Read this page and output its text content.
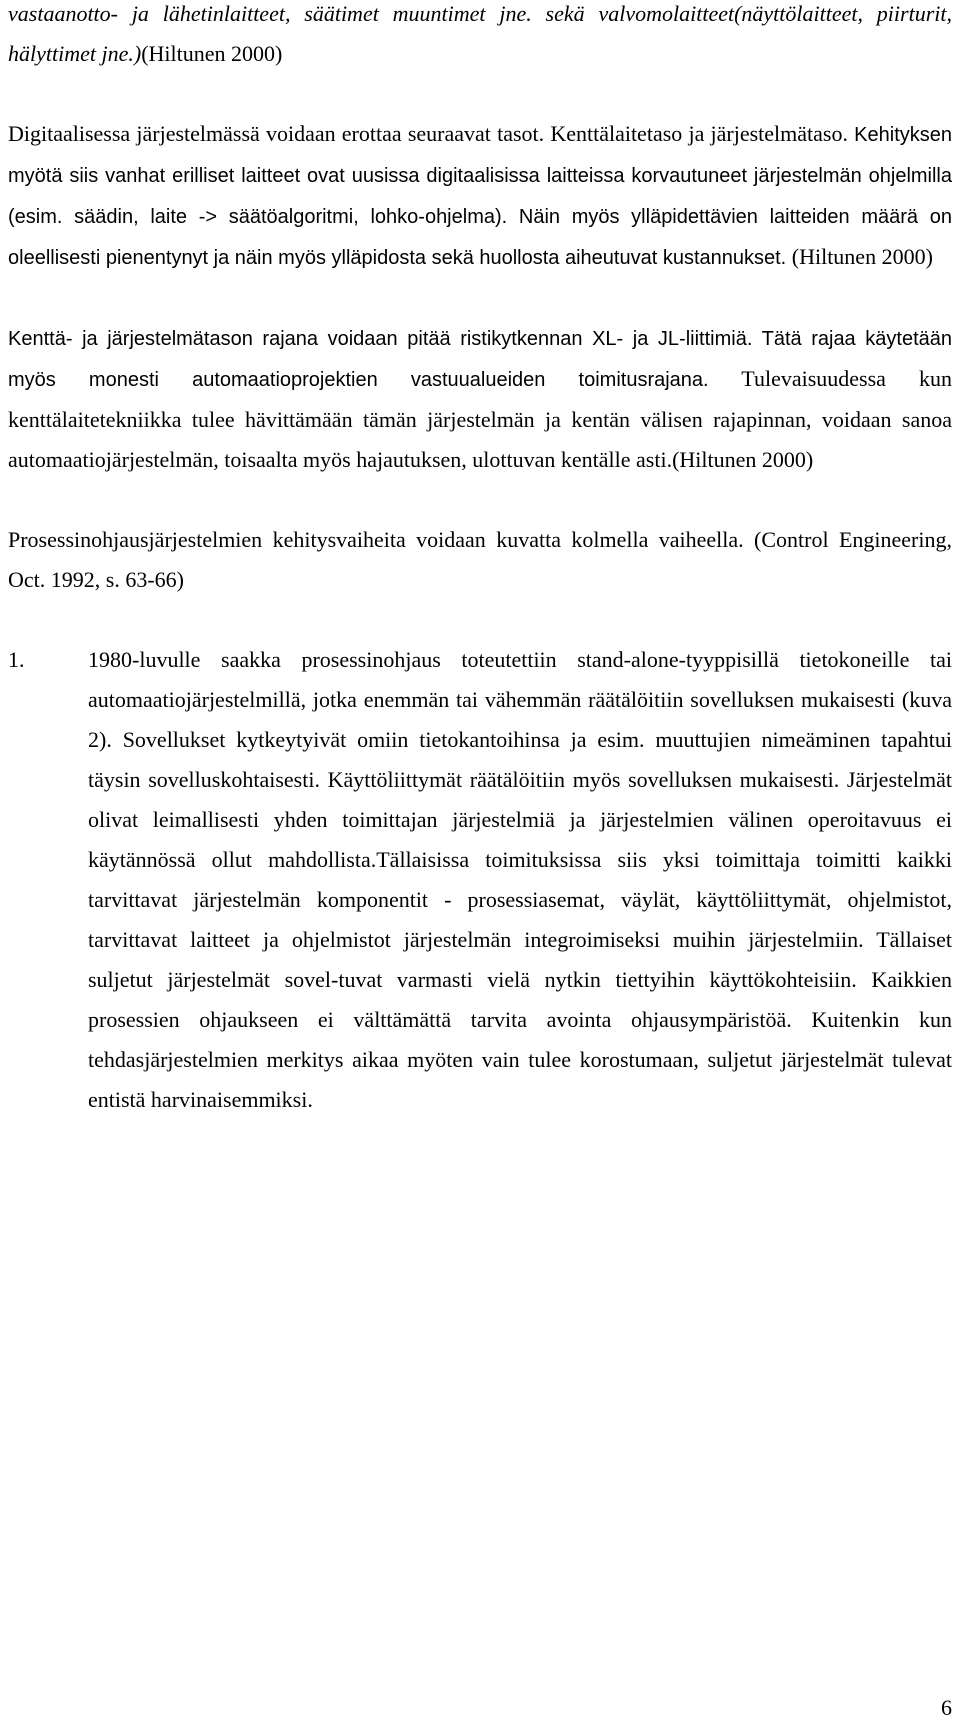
vastaanotto- ja lähetinlaitteet, säätimet muuntimet jne. sekä valvomolaitteet(näyttölaitteet, piirturit, hälyttimet jne.)(Hiltunen 2000)

Digitaalisessa järjestelmässä voidaan erottaa seuraavat tasot. Kenttälaitetaso ja järjestelmätaso. Kehityksen myötä siis vanhat erilliset laitteet ovat uusissa digitaalisissa laitteissa korvautuneet järjestelmän ohjelmilla (esim. säädin, laite -> säätöalgoritmi, lohko-ohjelma). Näin myös ylläpidettävien laitteiden määrä on oleellisesti pienentynyt ja näin myös ylläpidosta sekä huollosta aiheutuvat kustannukset. (Hiltunen 2000)

Kenttä- ja järjestelmätason rajana voidaan pitää ristikytkennan XL- ja JL-liittimiä. Tätä rajaa käytetään myös monesti automaatioprojektien vastuualueiden toimitusrajana. Tulevaisuudessa kun kenttälaitetekniikka tulee hävittämään tämän järjestelmän ja kentän välisen rajapinnan, voidaan sanoa automaatiojärjestelmän, toisaalta myös hajautuksen, ulottuvan kentälle asti.(Hiltunen 2000)

Prosessinohjausjärjestelmien kehitysvaiheita voidaan kuvatta kolmella vaiheella. (Control Engineering, Oct. 1992, s. 63-66)

1.	1980-luvulle saakka prosessinohjaus toteutettiin stand-alone-tyyppisillä tietokoneille tai automaatiojärjestelmillä, jotka enemmän tai vähemmän räätälöitiin sovelluksen mukaisesti (kuva 2). Sovellukset kytkeytyivät omiin tietokantoihinsa ja esim. muuttujien nimeäminen tapahtui täysin sovelluskohtaisesti. Käyttöliittymät räätälöitiin myös sovelluksen mukaisesti. Järjestelmät olivat leimallisesti yhden toimittajan järjestelmiä ja järjestelmien välinen operoitavuus ei käytännössä ollut mahdollista.Tällaisissa toimituksissa siis yksi toimittaja toimitti kaikki tarvittavat järjestelmän komponentit - prosessiasemat, väylät, käyttöliittymät, ohjelmistot, tarvittavat laitteet ja ohjelmistot järjestelmän integroimiseksi muihin järjestelmiin. Tällaiset suljetut järjestelmät sovel-tuvat varmasti vielä nytkin tiettyihin käyttökohteisiin. Kaikkien prosessien ohjaukseen ei välttämättä tarvita avointa ohjausympäristöä. Kuitenkin kun tehdasjärjestelmien merkitys aikaa myöten vain tulee korostumaan, suljetut järjestelmät tulevat entistä harvinaisemmiksi.
6
